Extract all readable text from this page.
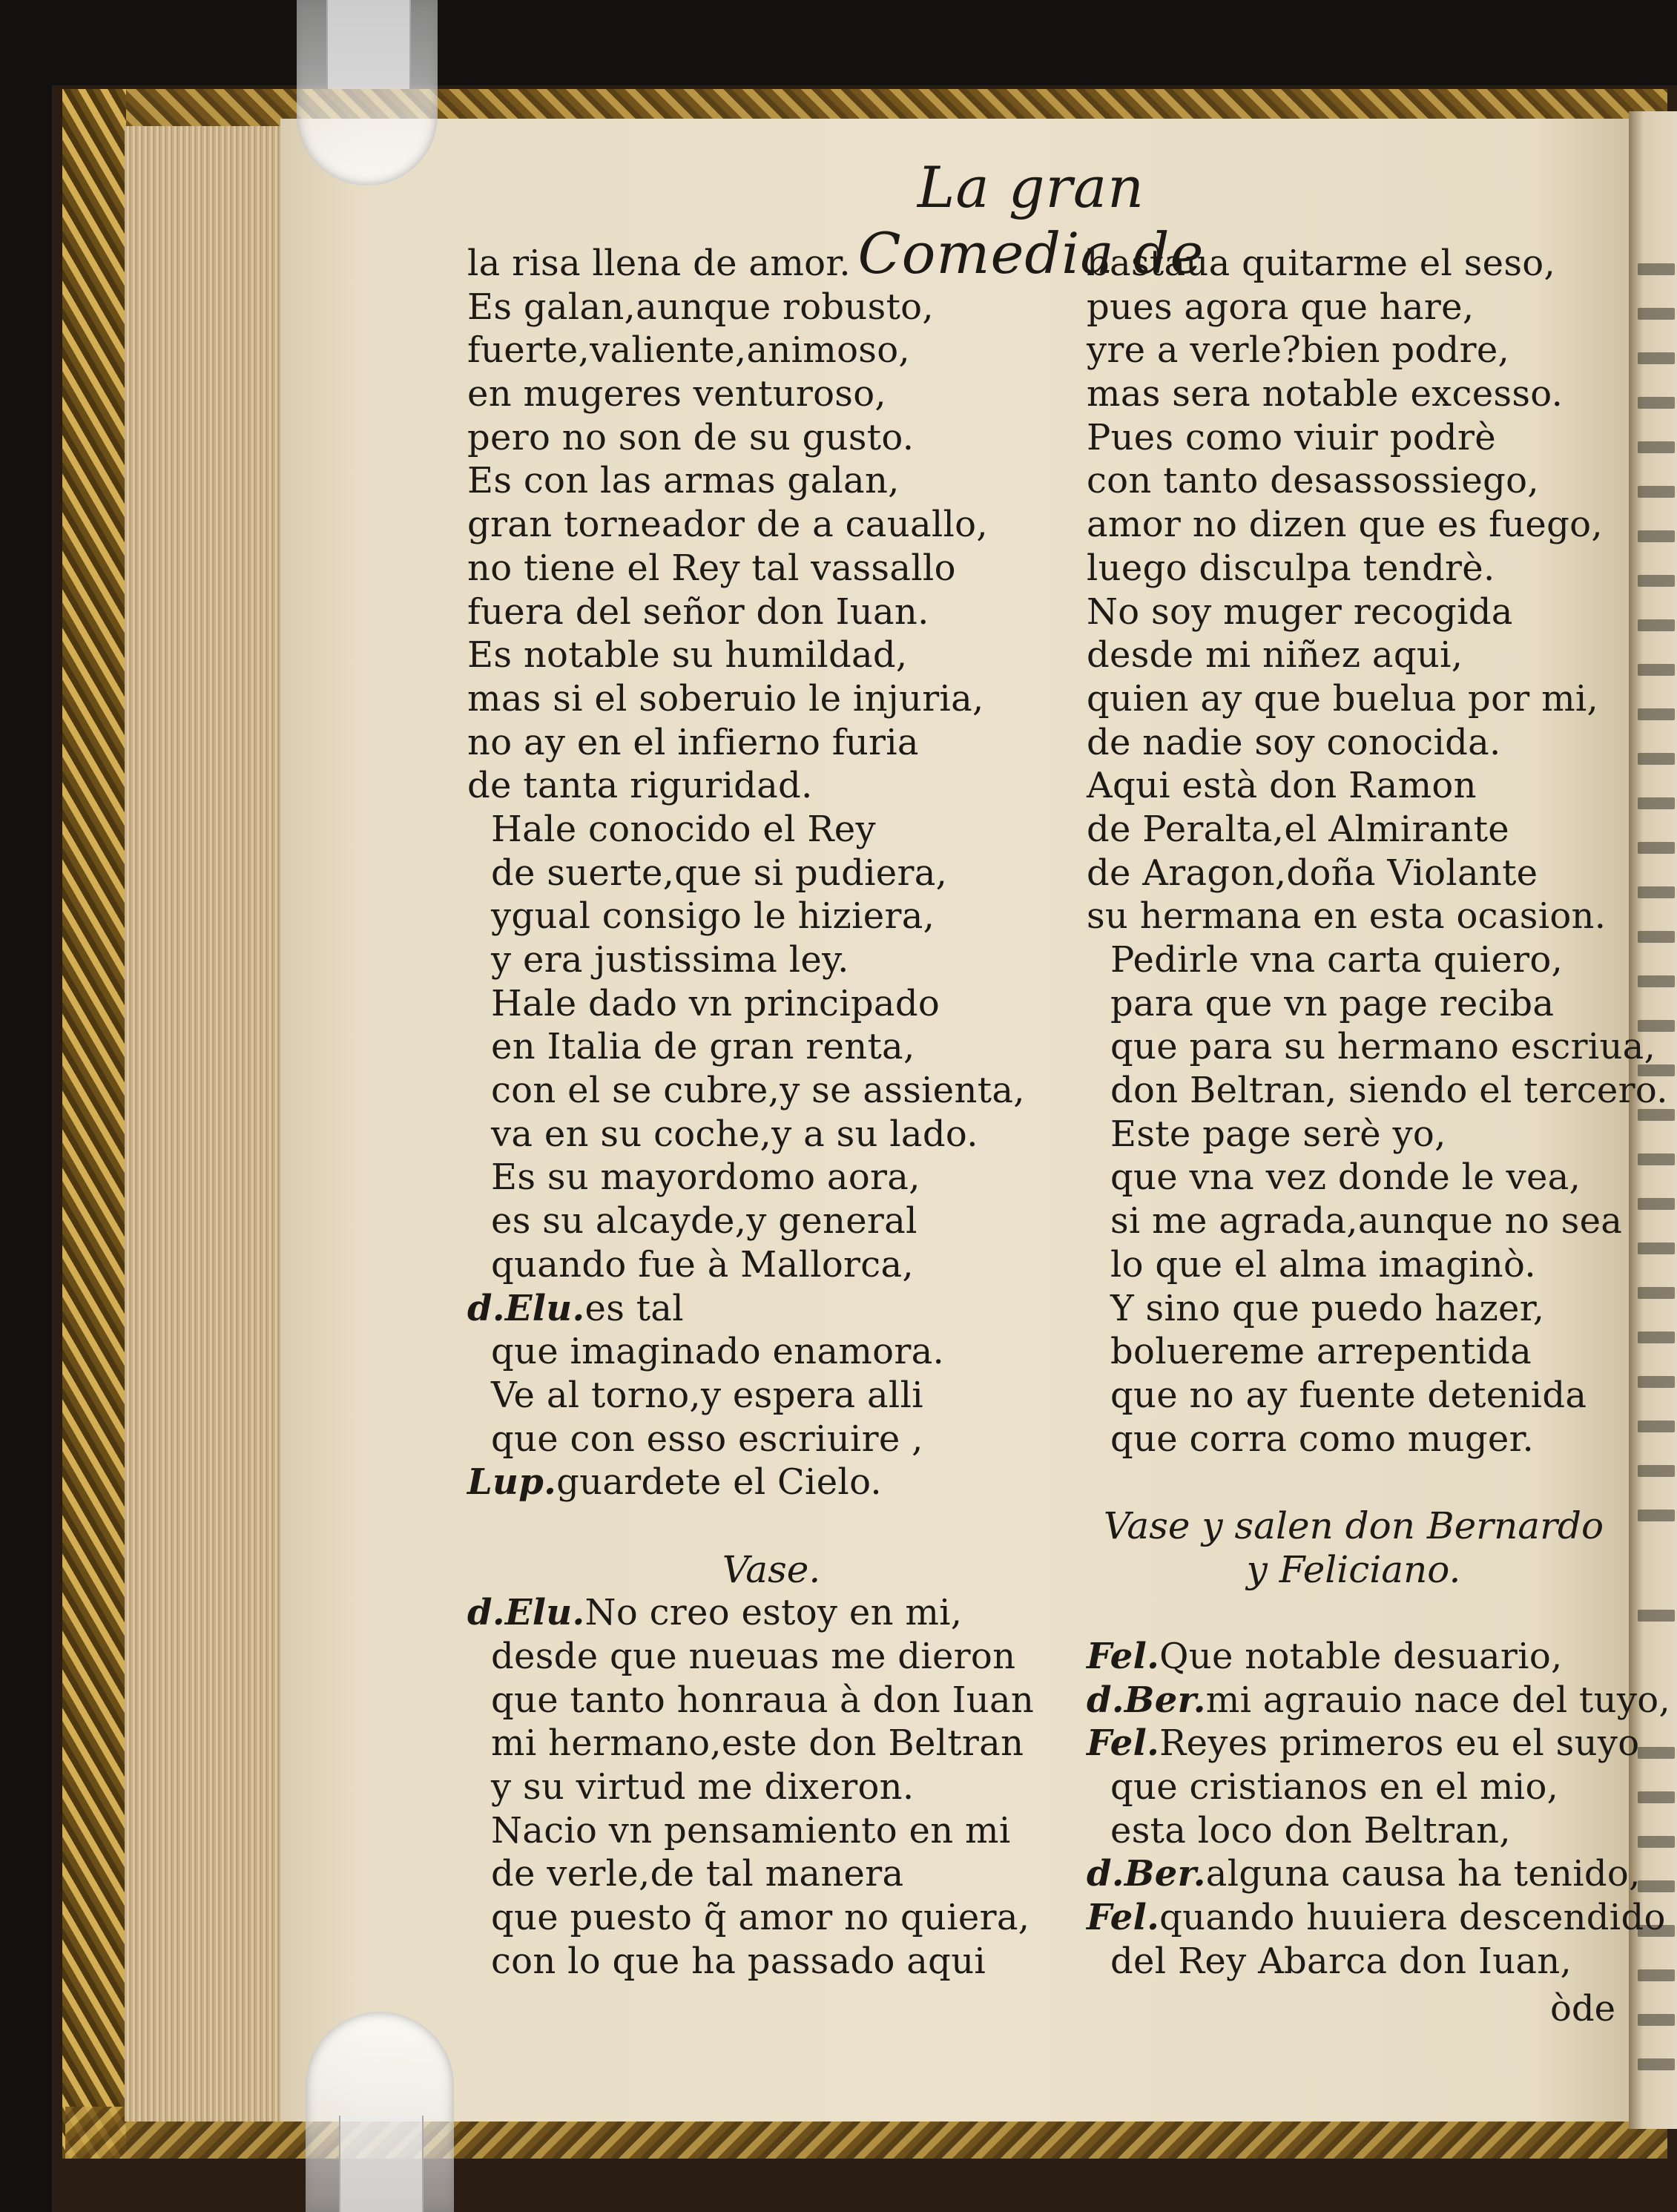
La gran Comedia de
la risa llena de amor.
Es galan,aunque robusto,
fuerte,valiente,animoso,
en mugeres venturoso,
pero no son de su gusto.
Es con las armas galan,
gran torneador de a cauallo,
no tiene el Rey tal vassallo
fuera del señor don Iuan.
Es notable su humildad,
mas si el soberuio le injuria,
no ay en el infierno furia
de tanta riguridad.
Hale conocido el Rey
de suerte,que si pudiera,
ygual consigo le hiziera,
y era justissima ley.
Hale dado vn principado
en Italia de gran renta,
con el se cubre,y se assienta,
va en su coche,y a su lado.
Es su mayordomo aora,
es su alcayde,y general
quando fue à Mallorca,
d.Elu.es tal
que imaginado enamora.
Ve al torno,y espera alli
que con esso escriuire ,
Lup.guardete el Cielo.
Vase.
d.Elu.No creo estoy en mi,
desde que nueuas me dieron
que tanto honraua à don Iuan
mi hermano,este don Beltran
y su virtud me dixeron.
Nacio vn pensamiento en mi
de verle,de tal manera
que puesto q̃ amor no quiera,
con lo que ha passado aqui
bastaua quitarme el seso,
pues agora que hare,
yre a verle?bien podre,
mas sera notable excesso.
Pues como viuir podrè
con tanto desassossiego,
amor no dizen que es fuego,
luego disculpa tendrè.
No soy muger recogida
desde mi niñez aqui,
quien ay que buelua por mi,
de nadie soy conocida.
Aqui està don Ramon
de Peralta,el Almirante
de Aragon,doña Violante
su hermana en esta ocasion.
Pedirle vna carta quiero,
para que vn page reciba
que para su hermano escriua,
don Beltran, siendo el tercero.
Este page serè yo,
que vna vez donde le vea,
si me agrada,aunque no sea
lo que el alma imaginò.
Y sino que puedo hazer,
boluereme arrepentida
que no ay fuente detenida
que corra como muger.
Vase y salen don Bernardo
y Feliciano.
Fel.Que notable desuario,
d.Ber.mi agrauio nace del tuyo,
Fel.Reyes primeros eu el suyo
que cristianos en el mio,
esta loco don Beltran,
d.Ber.alguna causa ha tenido,
Fel.quando huuiera descendido
del Rey Abarca don Iuan,

òde
